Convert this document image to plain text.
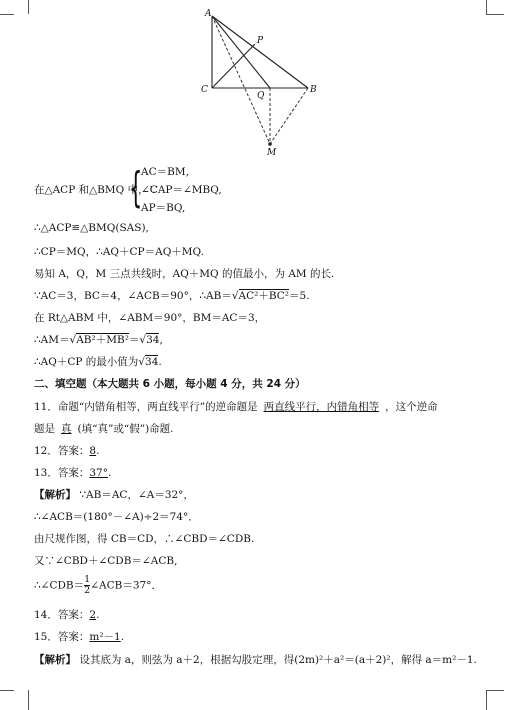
A
P
C
Q
B
M
在△ACP 和△BMQ 中，∵
{
AC＝BM,
∠CAP＝∠MBQ,
AP＝BQ,
∴△ACP≌△BMQ(SAS),
∴CP＝MQ，∴AQ＋CP＝AQ＋MQ.
易知 A，Q，M 三点共线时，AQ＋MQ 的值最小，为 AM 的长.
∵AC＝3，BC＝4，∠ACB＝90°，∴AB＝√AC²＋BC²＝5.
在 Rt△ABM 中，∠ABM＝90°，BM＝AC＝3，
∴AM＝√AB²＋MB²＝√34,
∴AQ＋CP 的最小值为√34.
二、填空题（本大题共 6 小题，每小题 4 分，共 24 分）
11．命题“内错角相等，两直线平行”的逆命题是 两直线平行，内错角相等 ，这个逆命
题是 真 (填“真”或“假”)命题.
12．答案：8.
13．答案：37°.
【解析】 ∵AB＝AC，∠A＝32°，
∴∠ACB＝(180°－∠A)÷2＝74°．
由尺规作图，得 CB＝CD，∴∠CBD＝∠CDB.
又∵∠CBD＋∠CDB＝∠ACB,
∴∠CDB＝ $\frac{1}{2}$ ∠ACB＝37°．
14．答案：2.
15．答案：m²－1.
【解析】 设其底为 a，则弦为 a＋2，根据勾股定理，得(2m)²＋a²＝(a＋2)²，解得 a＝m²－1.
